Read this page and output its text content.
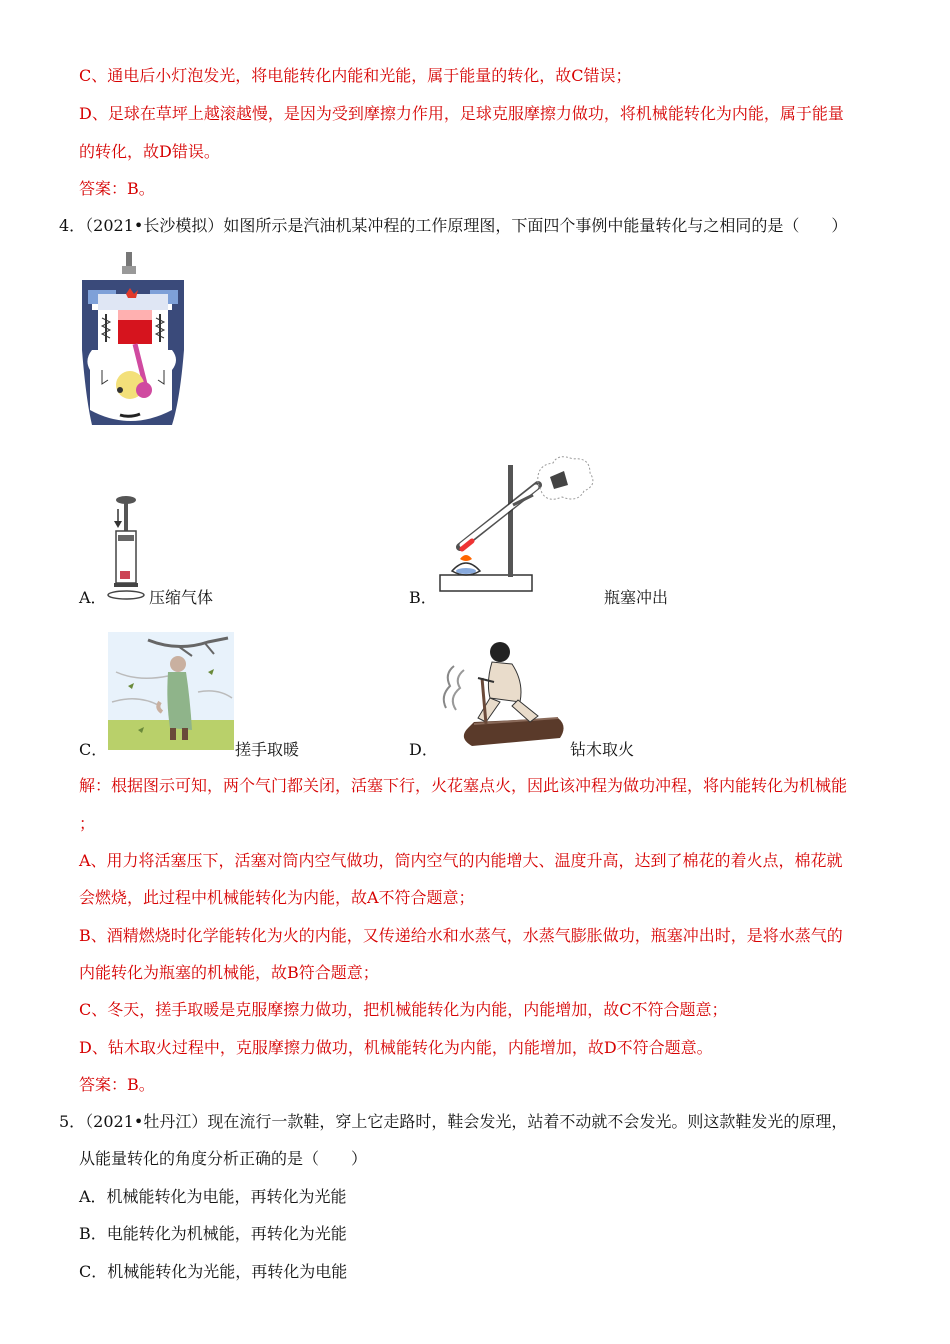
C、通电后小灯泡发光，将电能转化内能和光能，属于能量的转化，故C错误；
D、足球在草坪上越滚越慢，是因为受到摩擦力作用，足球克服摩擦力做功，将机械能转化为内能，属于能量
的转化，故D错误。
答案：B。
4．（2021•长沙模拟）如图所示是汽油机某冲程的工作原理图，下面四个事例中能量转化与之相同的是（　　）
A．	压缩气体	B．	瓶塞冲出
C．	搓手取暖	D．	钻木取火
解：根据图示可知，两个气门都关闭，活塞下行，火花塞点火，因此该冲程为做功冲程，将内能转化为机械能
；
A、用力将活塞压下，活塞对筒内空气做功，筒内空气的内能增大、温度升高，达到了棉花的着火点，棉花就
会燃烧，此过程中机械能转化为内能，故A不符合题意；
B、酒精燃烧时化学能转化为火的内能，又传递给水和水蒸气，水蒸气膨胀做功，瓶塞冲出时，是将水蒸气的
内能转化为瓶塞的机械能，故B符合题意；
C、冬天，搓手取暖是克服摩擦力做功，把机械能转化为内能，内能增加，故C不符合题意；
D、钻木取火过程中，克服摩擦力做功，机械能转化为内能，内能增加，故D不符合题意。
答案：B。
5．（2021•牡丹江）现在流行一款鞋，穿上它走路时，鞋会发光，站着不动就不会发光。则这款鞋发光的原理，
从能量转化的角度分析正确的是（　　）
A．机械能转化为电能，再转化为光能
B．电能转化为机械能，再转化为光能
C．机械能转化为光能，再转化为电能
